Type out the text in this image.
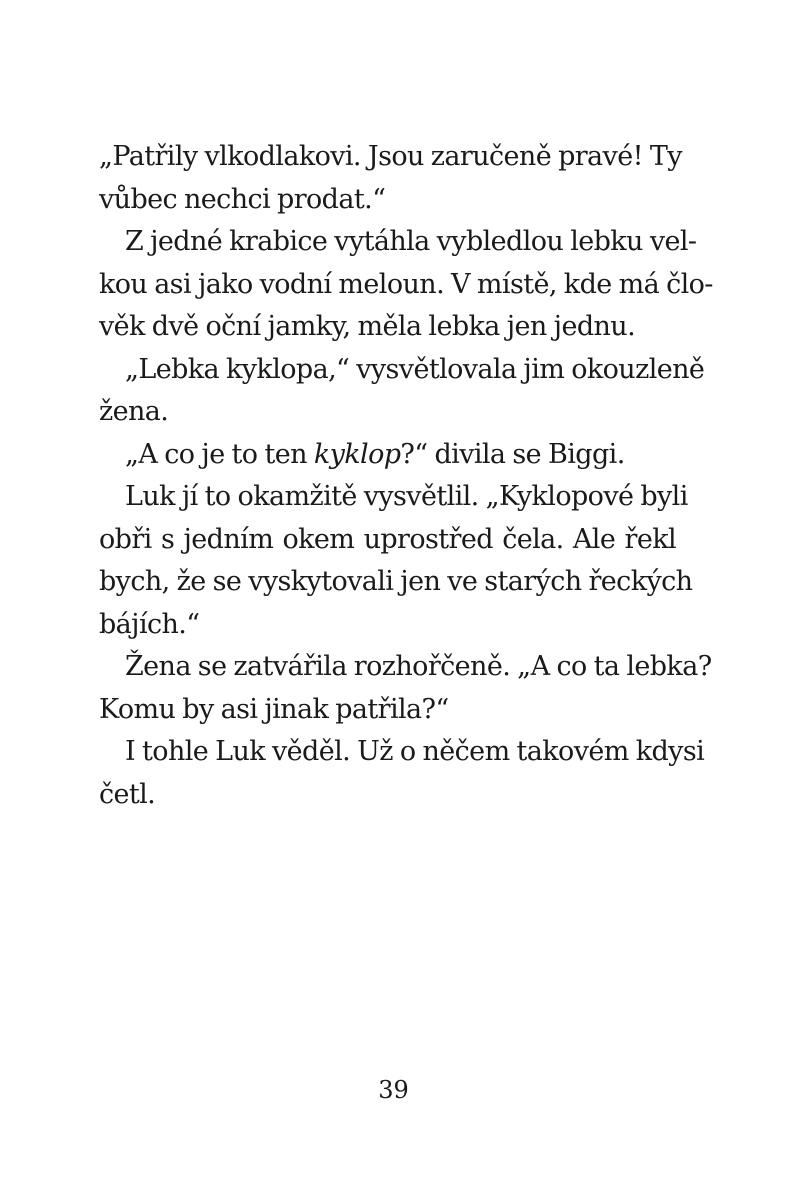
„Patřily vlkodlakovi. Jsou zaručeně pravé! Ty
vůbec nechci prodat.“
Z jedné krabice vytáhla vybledlou lebku vel-
kou asi jako vodní meloun. V místě, kde má člo-
věk dvě oční jamky, měla lebka jen jednu.
„Lebka kyklopa,“ vysvětlovala jim okouzleně
žena.
„A co je to ten kyklop?“ divila se Biggi.
Luk jí to okamžitě vysvětlil. „Kyklopové byli
obři s jedním okem uprostřed čela. Ale řekl
bych, že se vyskytovali jen ve starých řeckých
bájích.“
Žena se zatvářila rozhořčeně. „A co ta lebka?
Komu by asi jinak patřila?“
I tohle Luk věděl. Už o něčem takovém kdysi
četl.
39
